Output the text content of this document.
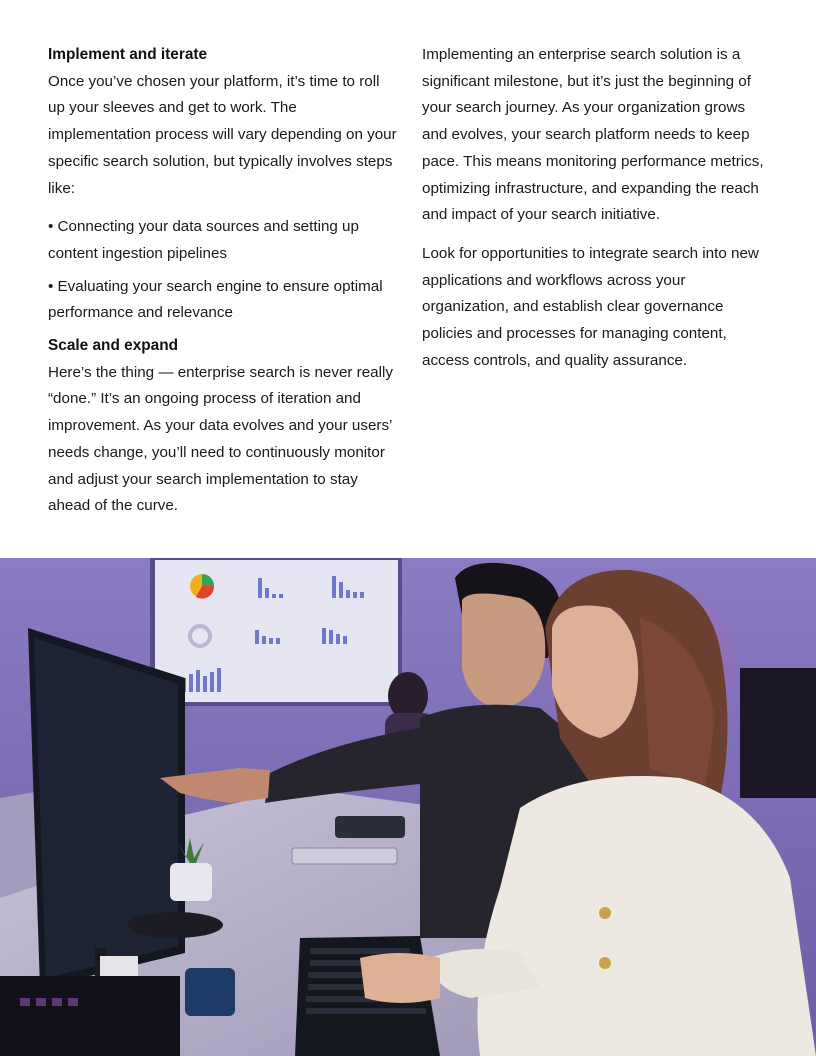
Implement and iterate

Once you’ve chosen your platform, it’s time to roll up your sleeves and get to work. The implementation process will vary depending on your specific search solution, but typically involves steps like:

• Connecting your data sources and setting up content ingestion pipelines

• Evaluating your search engine to ensure optimal performance and relevance

Scale and expand

Here’s the thing — enterprise search is never really “done.” It’s an ongoing process of iteration and improvement. As your data evolves and your users’ needs change, you’ll need to continuously monitor and adjust your search implementation to stay ahead of the curve.

Implementing an enterprise search solution is a significant milestone, but it’s just the beginning of your search journey. As your organization grows and evolves, your search platform needs to keep pace. This means monitoring performance metrics, optimizing infrastructure, and expanding the reach and impact of your search initiative.

Look for opportunities to integrate search into new applications and workflows across your organization, and establish clear governance policies and processes for managing content, access controls, and quality assurance.
